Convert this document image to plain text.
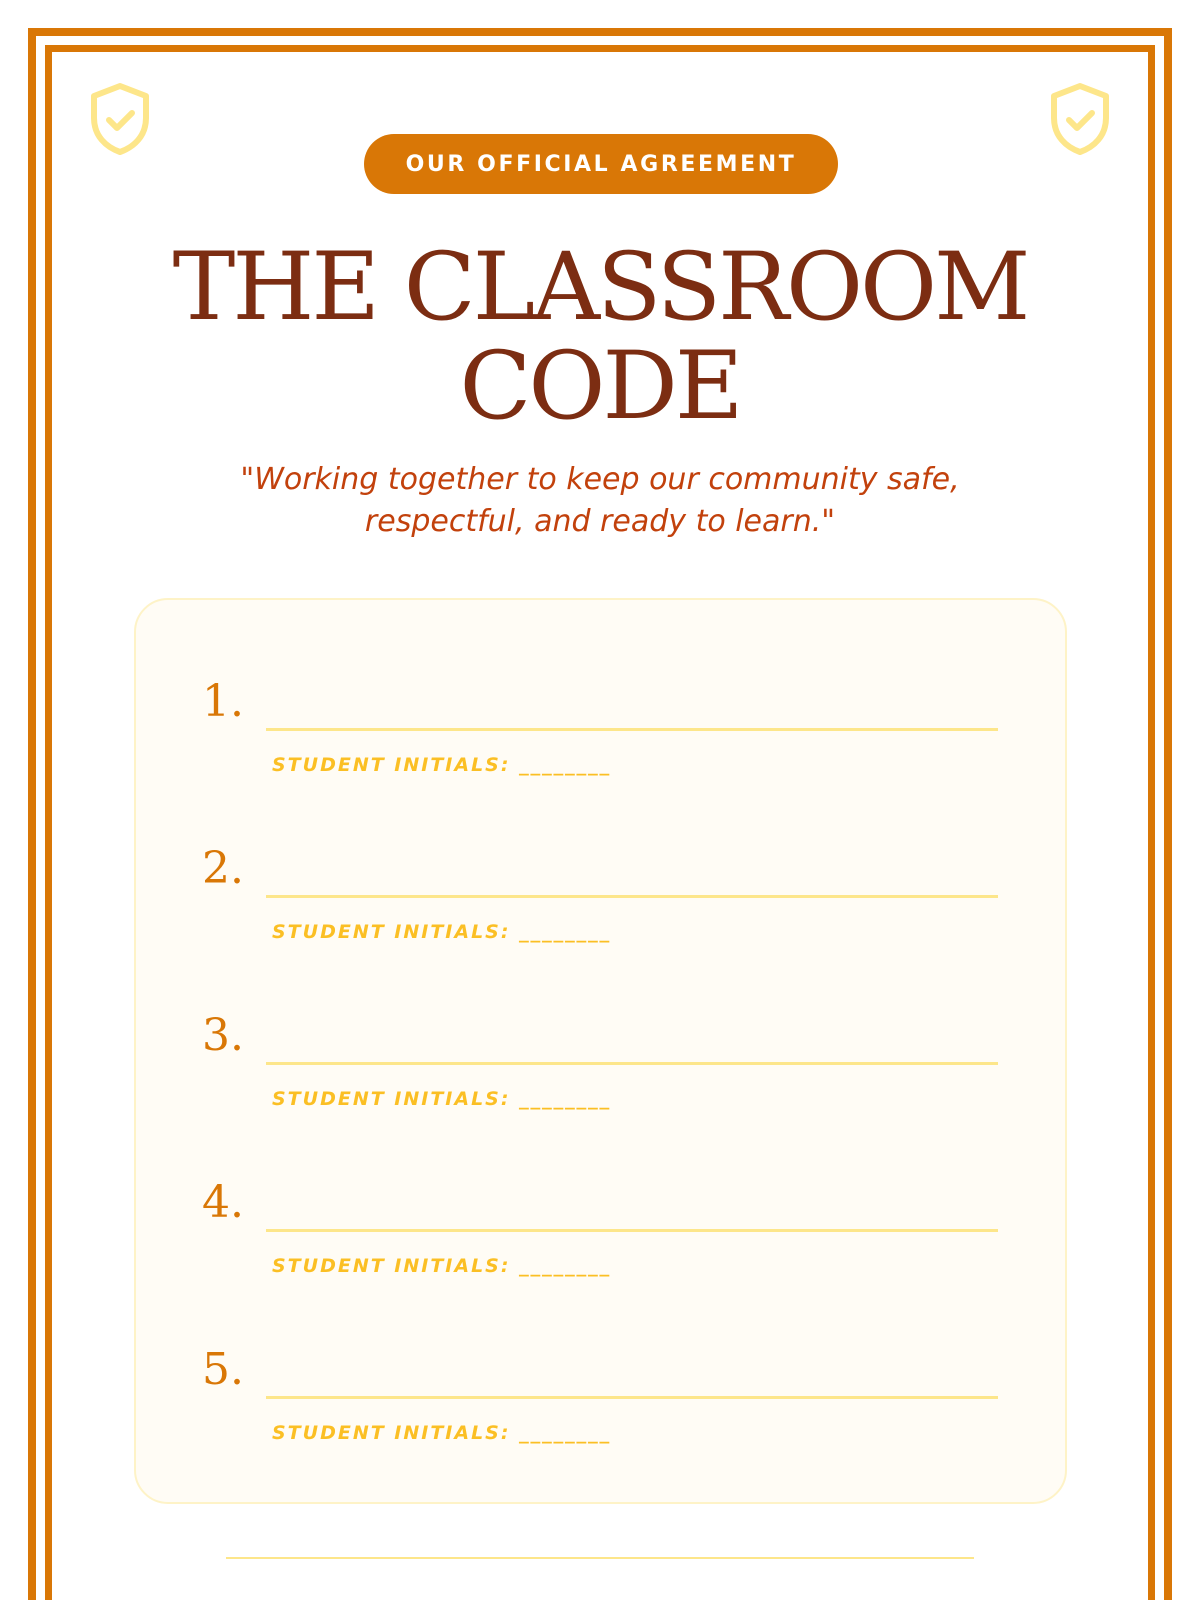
OUR OFFICIAL AGREEMENT
THE CLASSROOM CODE

"Working together to keep our community safe, respectful, and ready to learn."

1.
STUDENT INITIALS: ________
2.
STUDENT INITIALS: ________
3.
STUDENT INITIALS: ________
4.
STUDENT INITIALS: ________
5.
STUDENT INITIALS: ________
